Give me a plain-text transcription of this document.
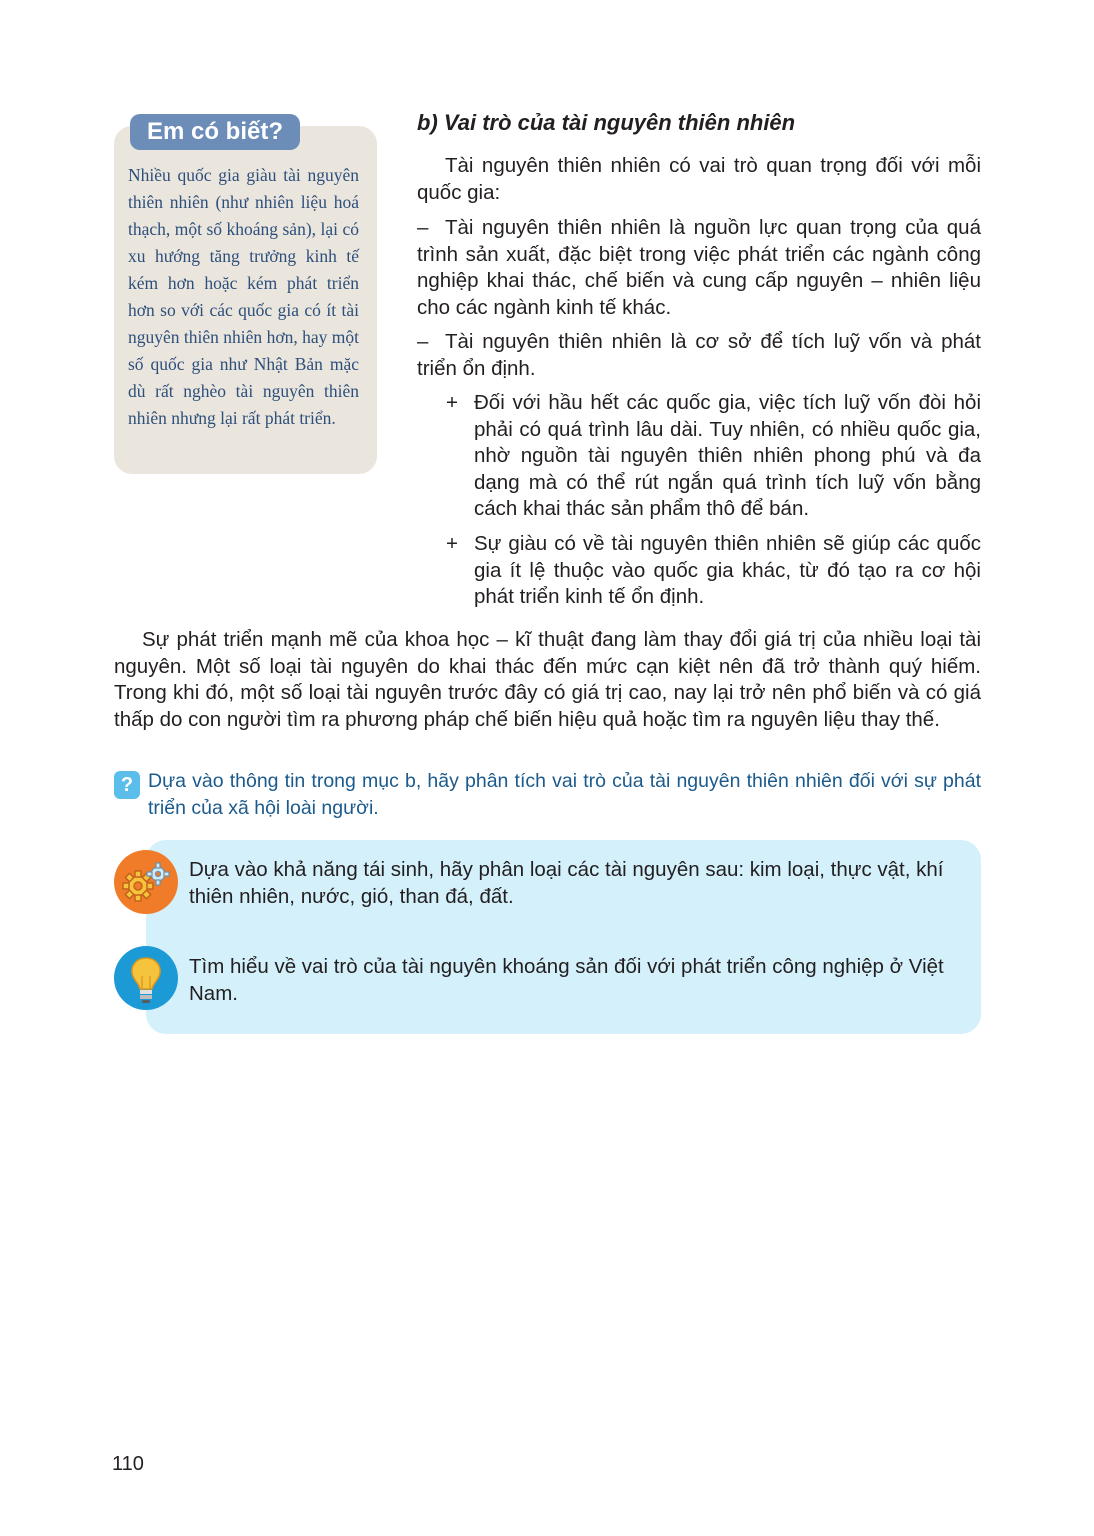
Em có biết?

Nhiều quốc gia giàu tài nguyên thiên nhiên (như nhiên liệu hoá thạch, một số khoáng sản), lại có xu hướng tăng trưởng kinh tế kém hơn hoặc kém phát triển hơn so với các quốc gia có ít tài nguyên thiên nhiên hơn, hay một số quốc gia như Nhật Bản mặc dù rất nghèo tài nguyên thiên nhiên nhưng lại rất phát triển.

b) Vai trò của tài nguyên thiên nhiên

Tài nguyên thiên nhiên có vai trò quan trọng đối với mỗi quốc gia:

– Tài nguyên thiên nhiên là nguồn lực quan trọng của quá trình sản xuất, đặc biệt trong việc phát triển các ngành công nghiệp khai thác, chế biến và cung cấp nguyên – nhiên liệu cho các ngành kinh tế khác.

– Tài nguyên thiên nhiên là cơ sở để tích luỹ vốn và phát triển ổn định.

+ Đối với hầu hết các quốc gia, việc tích luỹ vốn đòi hỏi phải có quá trình lâu dài. Tuy nhiên, có nhiều quốc gia, nhờ nguồn tài nguyên thiên nhiên phong phú và đa dạng mà có thể rút ngắn quá trình tích luỹ vốn bằng cách khai thác sản phẩm thô để bán.

+ Sự giàu có về tài nguyên thiên nhiên sẽ giúp các quốc gia ít lệ thuộc vào quốc gia khác, từ đó tạo ra cơ hội phát triển kinh tế ổn định.

Sự phát triển mạnh mẽ của khoa học – kĩ thuật đang làm thay đổi giá trị của nhiều loại tài nguyên. Một số loại tài nguyên do khai thác đến mức cạn kiệt nên đã trở thành quý hiếm. Trong khi đó, một số loại tài nguyên trước đây có giá trị cao, nay lại trở nên phổ biến và có giá thấp do con người tìm ra phương pháp chế biến hiệu quả hoặc tìm ra nguyên liệu thay thế.

? Dựa vào thông tin trong mục b, hãy phân tích vai trò của tài nguyên thiên nhiên đối với sự phát triển của xã hội loài người.

Dựa vào khả năng tái sinh, hãy phân loại các tài nguyên sau: kim loại, thực vật, khí thiên nhiên, nước, gió, than đá, đất.

Tìm hiểu về vai trò của tài nguyên khoáng sản đối với phát triển công nghiệp ở Việt Nam.

110
